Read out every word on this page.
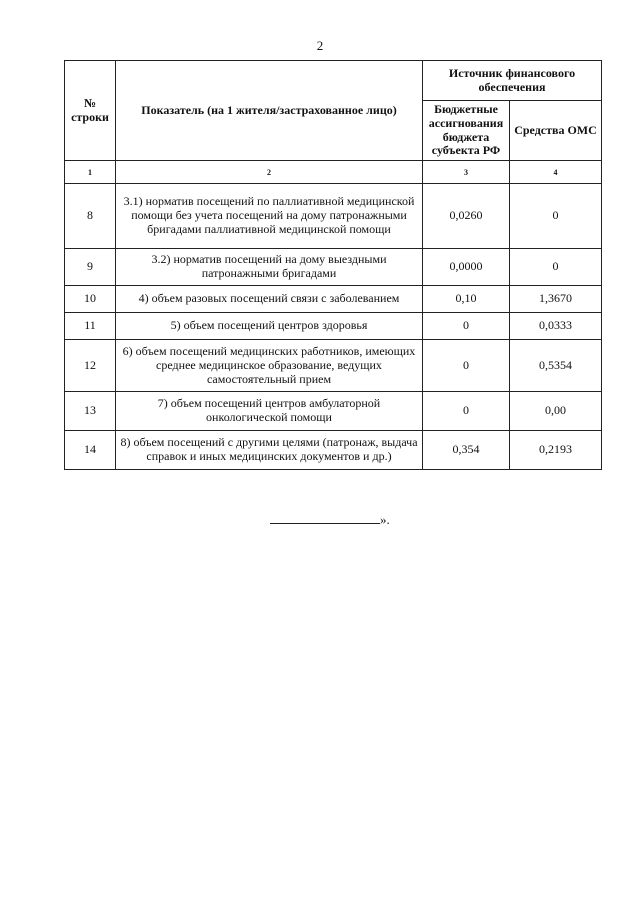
2
№ строки	Показатель (на 1 жителя/застрахованное лицо)	Источник финансового обеспечения	
		Бюджетные ассигнования бюджета субъекта РФ	Средства ОМС
1	2	3	4
8	3.1) норматив посещений по паллиативной медицинской помощи без учета посещений на дому патронажными бригадами паллиативной медицинской помощи	0,0260	0
9	3.2) норматив посещений на дому выездными патронажными бригадами	0,0000	0
10	4) объем разовых посещений связи с заболеванием	0,10	1,3670
11	5) объем посещений центров здоровья	0	0,0333
12	6) объем посещений медицинских работников, имеющих среднее медицинское образование, ведущих самостоятельный прием	0	0,5354
13	7) объем посещений центров амбулаторной онкологической помощи	0	0,00
14	8) объем посещений с другими целями (патронаж, выдача справок и иных медицинских документов и др.)	0,354	0,2193
».
